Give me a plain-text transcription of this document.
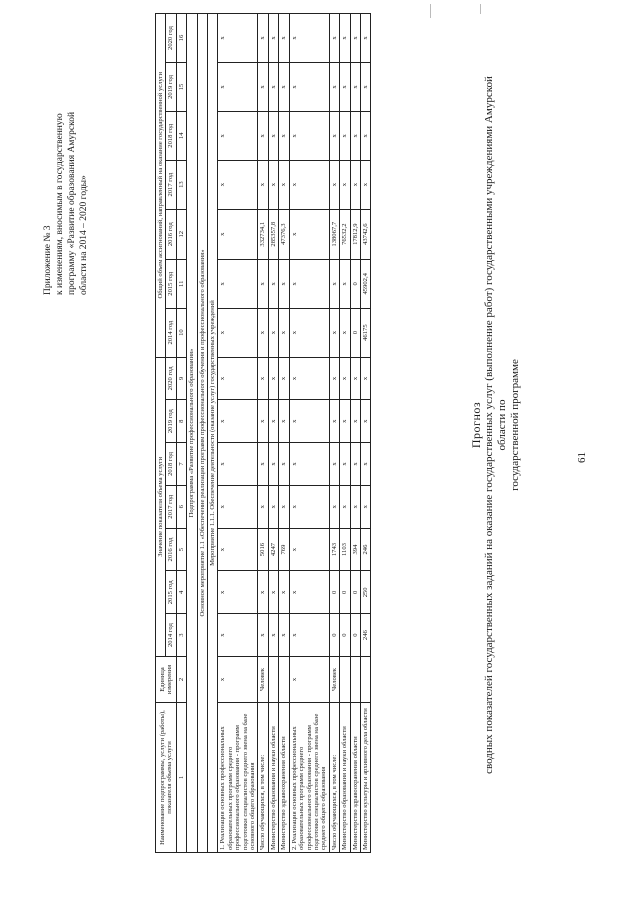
61
Приложение № 3 к изменениям, вносимым в государственную программу «Развитие образования Амурской области на 2014 – 2020 годы»
Прогноз сводных показателей государственных заданий на оказание государственных услуг (выполнение работ) государственными учреждениями Амурской области по государственной программе
Наименование подпрограммы, услуги (работы), показателя объема услуги	Единица измерения	Значение показателя объема услуги							Общий объем ассигнований, направленный на оказание государственной услуги						
		2014 год	2015 год	2016 год	2017 год	2018 год	2019 год	2020 год	2014 год	2015 год	2016 год	2017 год	2018 год	2019 год	2020 год
1	2	3	4	5	6	7	8	9	10	11	12	13	14	15	16
Подпрограмма «Развитие профессионального образования»															
Основное мероприятие 1.1 «Обеспечение реализации программ профессионального обучения и профессионального образования»															
Мероприятие 1.1.1. Обеспечение деятельности (оказание услуг) государственных учреждений															
1. Реализация основных профессиональных образовательных программ среднего профессионального образования - программ подготовки специалистов среднего звена на базе основного общего образования	х	х	х	х	х	х	х	х	х	х	х	х	х	х	х
Число обучающихся, в том числе:	Человек	х	х	5016	х	х	х	х	х	х	332734,1	х	х	х	х
Министерство образования и науки области		х	х	4247	х	х	х	х	х	х	285357,8	х	х	х	х
Министерство здравоохранения области		х	х	769	х	х	х	х	х	х	47376,3	х	х	х	х
2. Реализация основных профессиональных образовательных программ среднего профессионального образования - программ подготовки специалистов среднего звена на базе среднего общего образования	х	х	х	х	х	х	х	х	х	х	х	х	х	х	х
Число обучающихся, в том числе:	Человек	0	0	1743	х	х	х	х	х	х	138067,7	х	х	х	х
Министерство образования и науки области		0	0	1103	х	х	х	х	х	х	76532,2	х	х	х	х
Министерство здравоохранения области		0	0	394	х	х	х	х	0	0	17812,9	х	х	х	х
Министерство культуры и архивного дела области		246	250	246	х	х	х	х	46175	45902,4	43742,6	х	х	х	х
